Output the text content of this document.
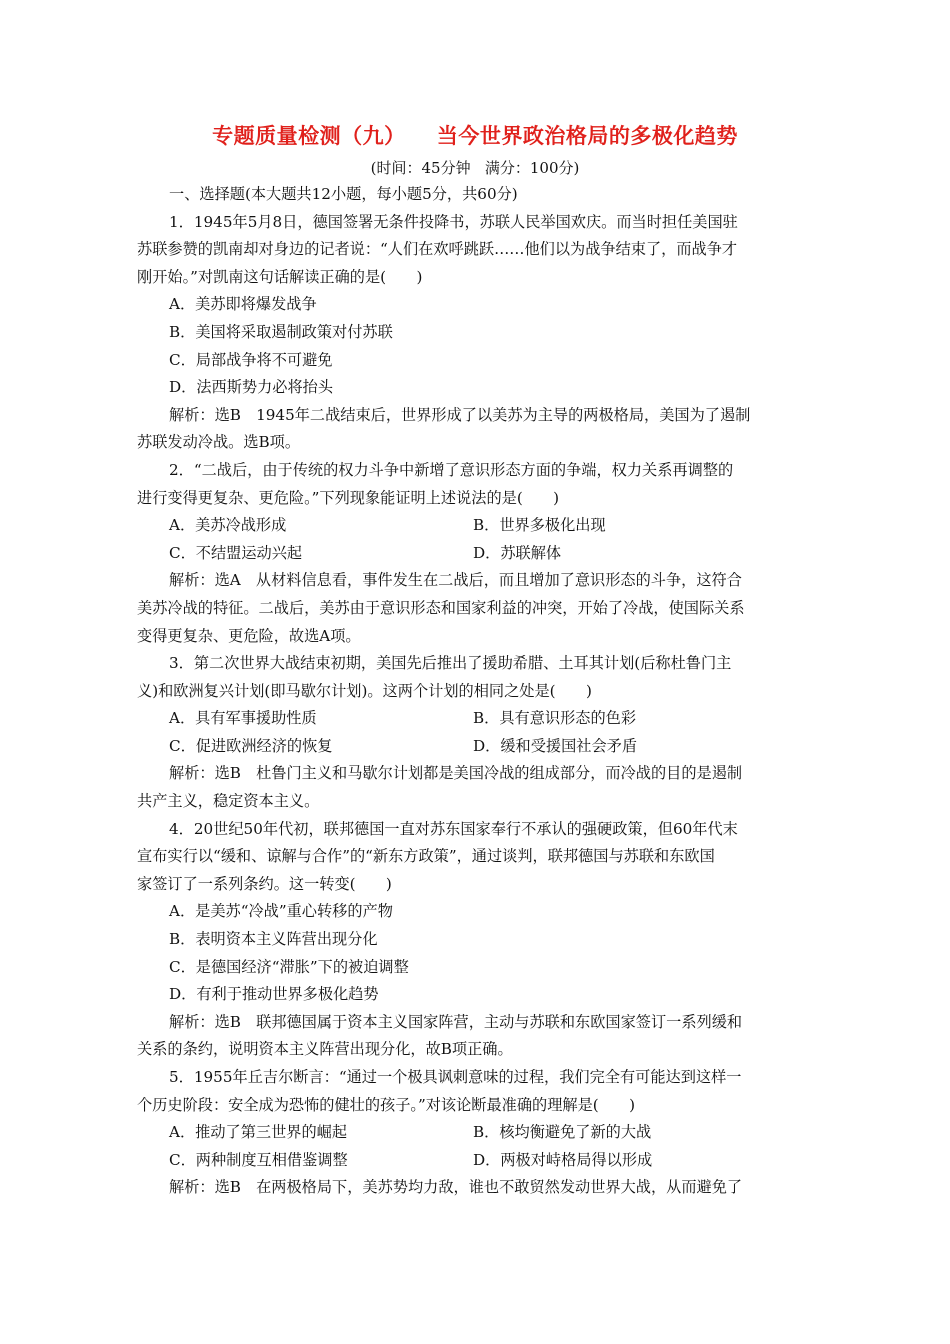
专题质量检测（九）    当今世界政治格局的多极化趋势
(时间：45分钟   满分：100分)

一、选择题(本大题共12小题，每小题5分，共60分)

1．1945年5月8日，德国签署无条件投降书，苏联人民举国欢庆。而当时担任美国驻

苏联参赞的凯南却对身边的记者说：“人们在欢呼跳跃……他们以为战争结束了，而战争才

刚开始。”对凯南这句话解读正确的是(　　)

A．美苏即将爆发战争

B．美国将采取遏制政策对付苏联

C．局部战争将不可避免

D．法西斯势力必将抬头

解析：选B　1945年二战结束后，世界形成了以美苏为主导的两极格局，美国为了遏制

苏联发动冷战。选B项。

2．“二战后，由于传统的权力斗争中新增了意识形态方面的争端，权力关系再调整的

进行变得更复杂、更危险。”下列现象能证明上述说法的是(　　)

A．美苏冷战形成	B．世界多极化出现
C．不结盟运动兴起	D．苏联解体

解析：选A　从材料信息看，事件发生在二战后，而且增加了意识形态的斗争，这符合

美苏冷战的特征。二战后，美苏由于意识形态和国家利益的冲突，开始了冷战，使国际关系

变得更复杂、更危险，故选A项。

3．第二次世界大战结束初期，美国先后推出了援助希腊、土耳其计划(后称杜鲁门主

义)和欧洲复兴计划(即马歇尔计划)。这两个计划的相同之处是(　　)

A．具有军事援助性质	B．具有意识形态的色彩
C．促进欧洲经济的恢复	D．缓和受援国社会矛盾

解析：选B　杜鲁门主义和马歇尔计划都是美国冷战的组成部分，而冷战的目的是遏制

共产主义，稳定资本主义。

4．20世纪50年代初，联邦德国一直对苏东国家奉行不承认的强硬政策，但60年代末

宣布实行以“缓和、谅解与合作”的“新东方政策”，通过谈判，联邦德国与苏联和东欧国

家签订了一系列条约。这一转变(　　)

A．是美苏“冷战”重心转移的产物

B．表明资本主义阵营出现分化

C．是德国经济“滞胀”下的被迫调整

D．有利于推动世界多极化趋势

解析：选B　联邦德国属于资本主义国家阵营，主动与苏联和东欧国家签订一系列缓和

关系的条约，说明资本主义阵营出现分化，故B项正确。

5．1955年丘吉尔断言：“通过一个极具讽刺意味的过程，我们完全有可能达到这样一

个历史阶段：安全成为恐怖的健壮的孩子。”对该论断最准确的理解是(　　)

A．推动了第三世界的崛起	B．核均衡避免了新的大战
C．两种制度互相借鉴调整	D．两极对峙格局得以形成

解析：选B　在两极格局下，美苏势均力敌，谁也不敢贸然发动世界大战，从而避免了
